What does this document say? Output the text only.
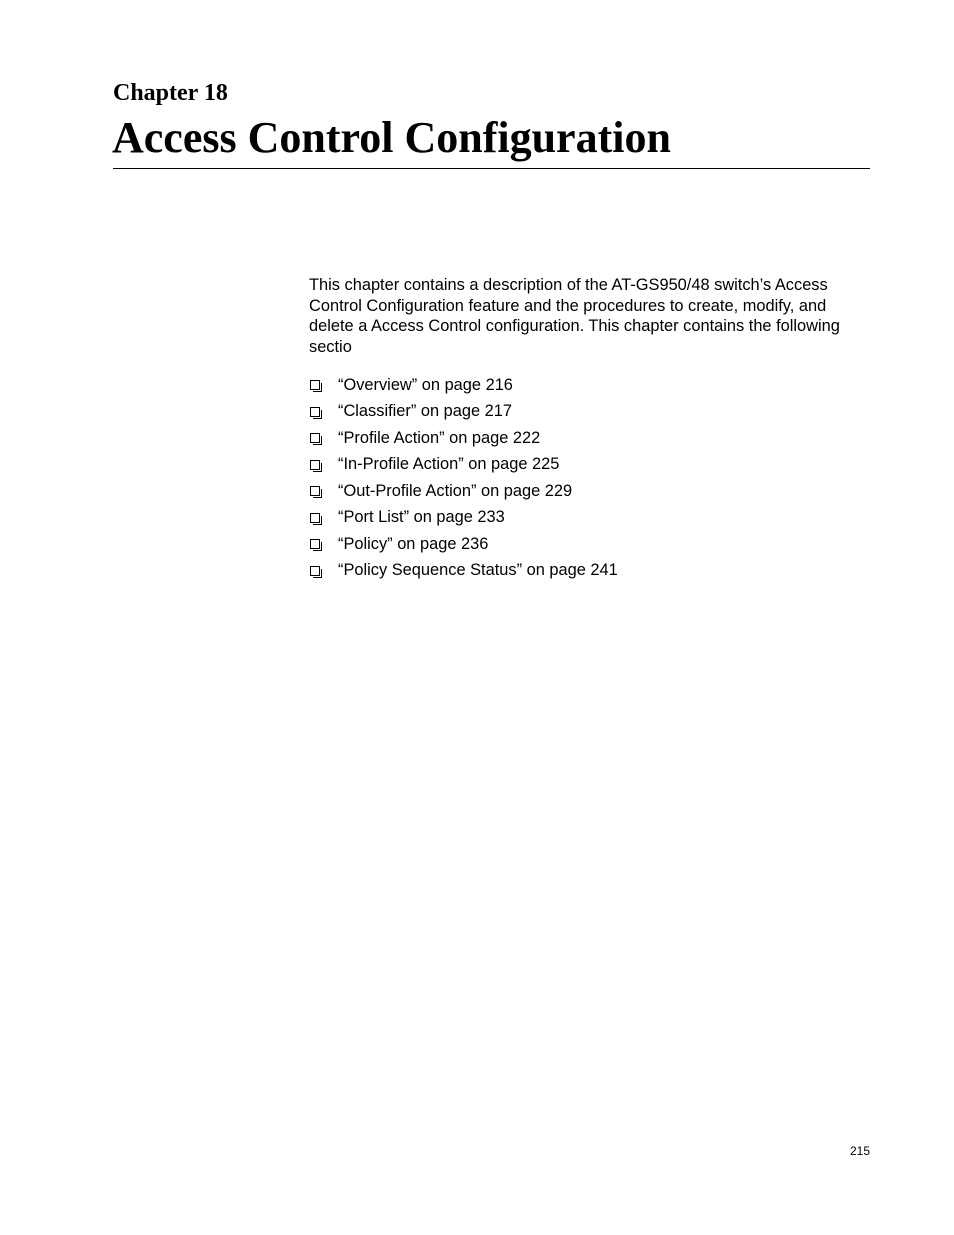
Chapter 18
Access Control Configuration

This chapter contains a description of the AT-GS950/48 switch’s Access Control Configuration feature and the procedures to create, modify, and delete a Access Control configuration. This chapter contains the following sectio

“Overview” on page 216
“Classifier” on page 217
“Profile Action” on page 222
“In-Profile Action” on page 225
“Out-Profile Action” on page 229
“Port List” on page 233
“Policy” on page 236
“Policy Sequence Status” on page 241

215
